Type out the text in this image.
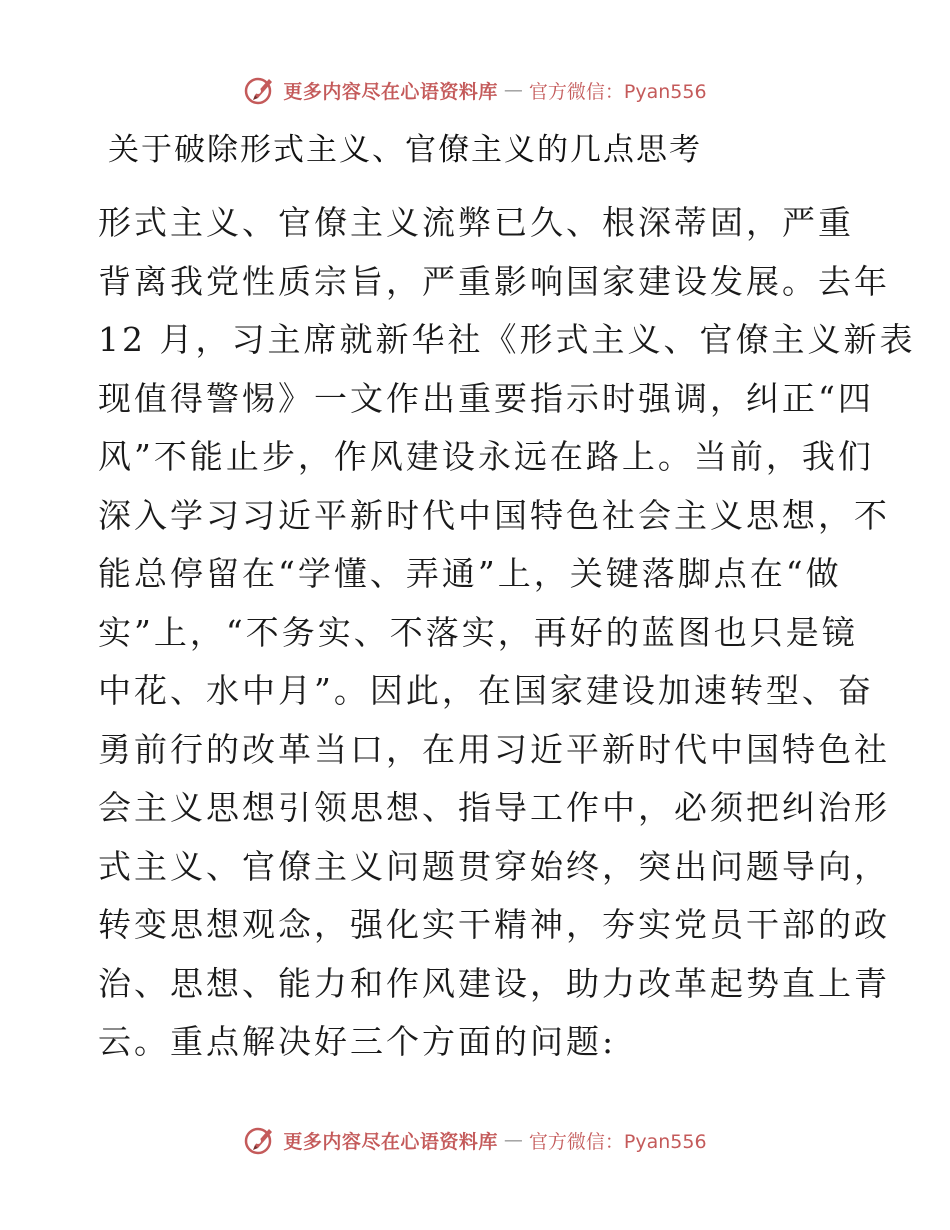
更多内容尽在心语资料库 — 官方微信：Pyan556
关于破除形式主义、官僚主义的几点思考
形式主义、官僚主义流弊已久、根深蒂固，严重
背离我党性质宗旨，严重影响国家建设发展。去年
12 月，习主席就新华社《形式主义、官僚主义新表
现值得警惕》一文作出重要指示时强调，纠正“四
风”不能止步，作风建设永远在路上。当前，我们
深入学习习近平新时代中国特色社会主义思想，不
能总停留在“学懂、弄通”上，关键落脚点在“做
实”上，“不务实、不落实，再好的蓝图也只是镜
中花、水中月”。因此，在国家建设加速转型、奋
勇前行的改革当口，在用习近平新时代中国特色社
会主义思想引领思想、指导工作中，必须把纠治形
式主义、官僚主义问题贯穿始终，突出问题导向，
转变思想观念，强化实干精神，夯实党员干部的政
治、思想、能力和作风建设，助力改革起势直上青
云。重点解决好三个方面的问题:
更多内容尽在心语资料库 — 官方微信：Pyan556
